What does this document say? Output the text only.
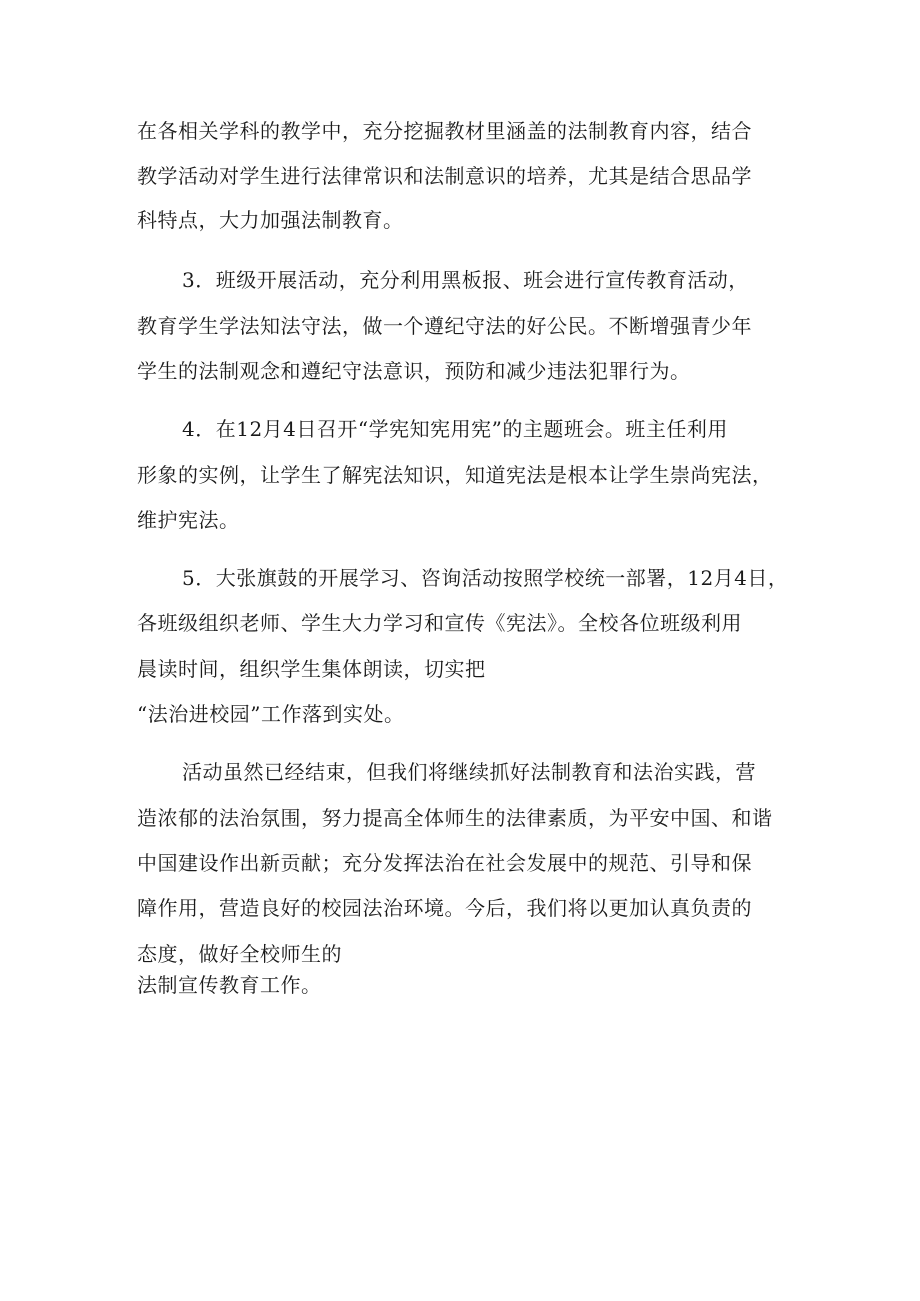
在各相关学科的教学中，充分挖掘教材里涵盖的法制教育内容，结合
教学活动对学生进行法律常识和法制意识的培养，尤其是结合思品学
科特点，大力加强法制教育。
3．班级开展活动，充分利用黑板报、班会进行宣传教育活动，
教育学生学法知法守法，做一个遵纪守法的好公民。不断增强青少年
学生的法制观念和遵纪守法意识，预防和减少违法犯罪行为。
4．在12月4日召开“学宪知宪用宪”的主题班会。班主任利用
形象的实例，让学生了解宪法知识，知道宪法是根本让学生崇尚宪法，
维护宪法。
5．大张旗鼓的开展学习、咨询活动按照学校统一部署，12月4日，
各班级组织老师、学生大力学习和宣传《宪法》。全校各位班级利用
晨读时间，组织学生集体朗读，切实把
“法治进校园”工作落到实处。
活动虽然已经结束，但我们将继续抓好法制教育和法治实践，营
造浓郁的法治氛围，努力提高全体师生的法律素质，为平安中国、和谐
中国建设作出新贡献；充分发挥法治在社会发展中的规范、引导和保
障作用，营造良好的校园法治环境。今后，我们将以更加认真负责的
态度，做好全校师生的
法制宣传教育工作。
